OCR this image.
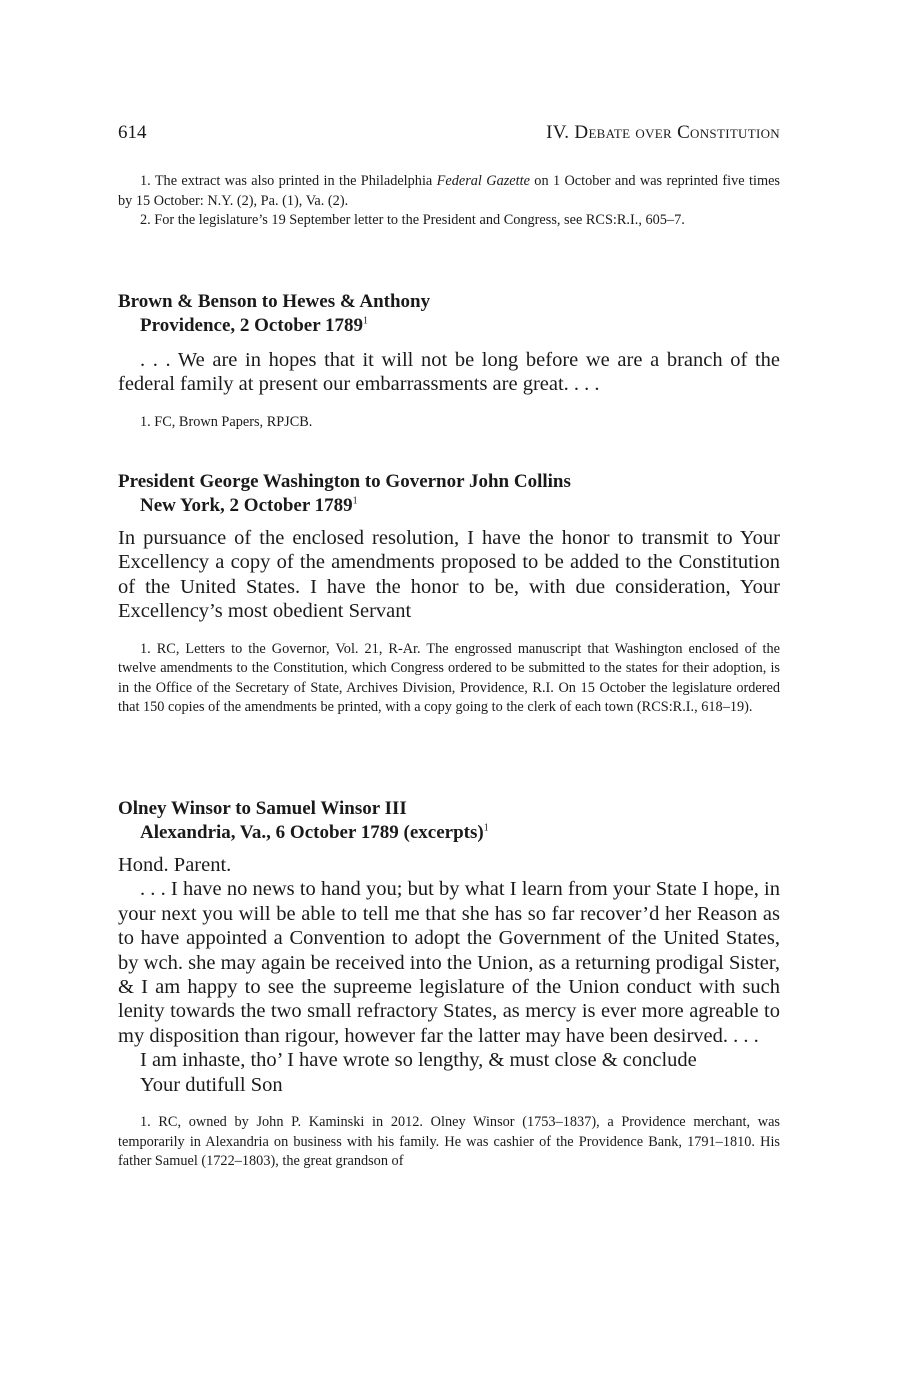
614	IV. Debate over Constitution

1. The extract was also printed in the Philadelphia Federal Gazette on 1 October and was reprinted five times by 15 October: N.Y. (2), Pa. (1), Va. (2).

2. For the legislature’s 19 September letter to the President and Congress, see RCS:R.I., 605–7.

Brown & Benson to Hewes & Anthony
Providence, 2 October 1789$^1$
. . . We are in hopes that it will not be long before we are a branch of the federal family at present our embarrassments are great. . . .
1. FC, Brown Papers, RPJCB.
President George Washington to Governor John Collins
New York, 2 October 1789$^1$
In pursuance of the enclosed resolution, I have the honor to transmit to Your Excellency a copy of the amendments proposed to be added to the Constitution of the United States. I have the honor to be, with due consideration, Your Excellency’s most obedient Servant
1. RC, Letters to the Governor, Vol. 21, R-Ar. The engrossed manuscript that Washington enclosed of the twelve amendments to the Constitution, which Congress ordered to be submitted to the states for their adoption, is in the Office of the Secretary of State, Archives Division, Providence, R.I. On 15 October the legislature ordered that 150 copies of the amendments be printed, with a copy going to the clerk of each town (RCS:R.I., 618–19).
Olney Winsor to Samuel Winsor III
Alexandria, Va., 6 October 1789 (excerpts)$^1$

Hond. Parent.

. . . I have no news to hand you; but by what I learn from your State I hope, in your next you will be able to tell me that she has so far recover’d her Reason as to have appointed a Convention to adopt the Government of the United States, by wch. she may again be received into the Union, as a returning prodigal Sister, & I am happy to see the supreeme legislature of the Union conduct with such lenity towards the two small refractory States, as mercy is ever more agreable to my disposition than rigour, however far the latter may have been desirved. . . .

I am inhaste, tho’ I have wrote so lengthy, & must close & conclude

Your dutifull Son

1. RC, owned by John P. Kaminski in 2012. Olney Winsor (1753–1837), a Providence merchant, was temporarily in Alexandria on business with his family. He was cashier of the Providence Bank, 1791–1810. His father Samuel (1722–1803), the great grandson of
